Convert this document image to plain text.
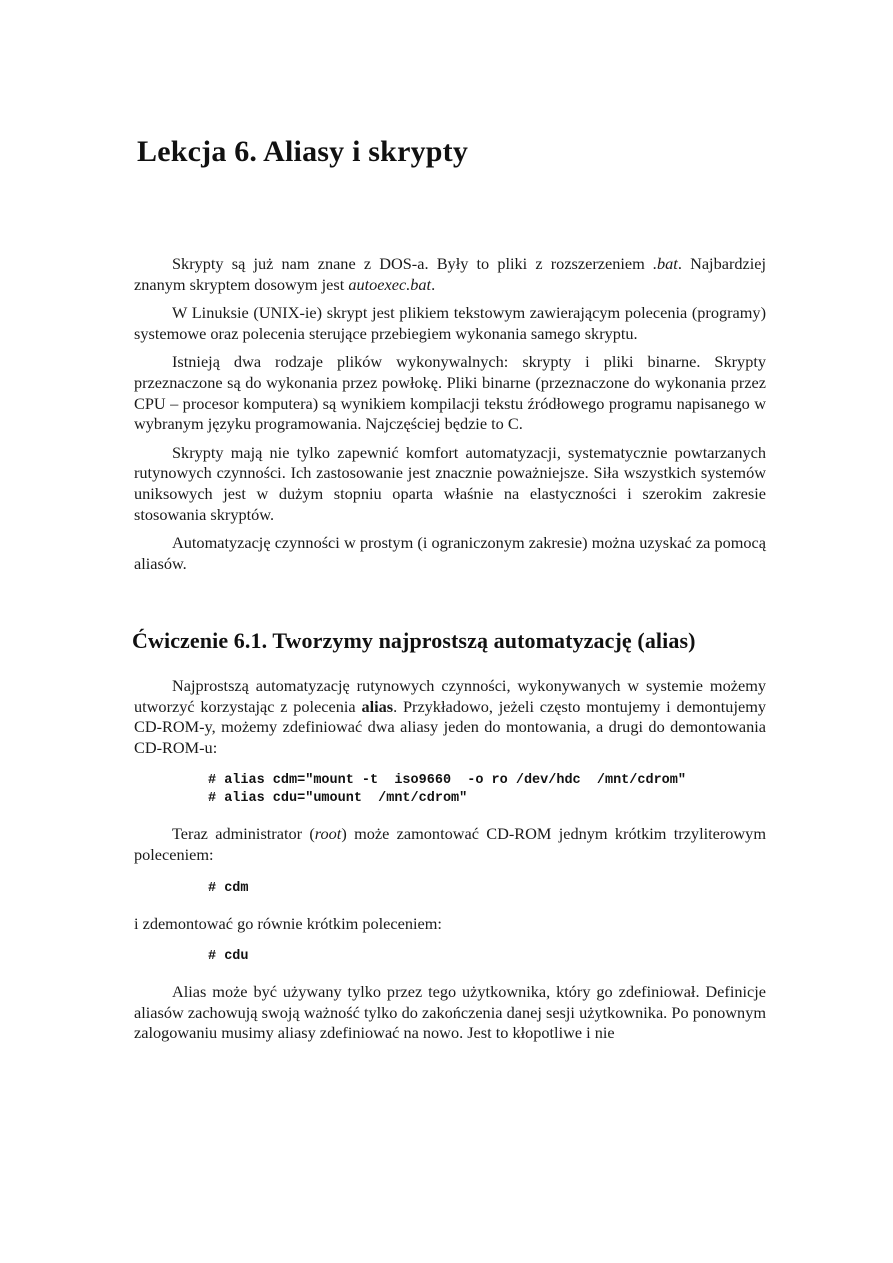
Lekcja 6. Aliasy i skrypty

Skrypty są już nam znane z DOS-a. Były to pliki z rozszerzeniem .bat. Najbardziej znanym skryptem dosowym jest autoexec.bat.

W Linuksie (UNIX-ie) skrypt jest plikiem tekstowym zawierającym polecenia (programy) systemowe oraz polecenia sterujące przebiegiem wykonania samego skryptu.

Istnieją dwa rodzaje plików wykonywalnych: skrypty i pliki binarne. Skrypty przeznaczone są do wykonania przez powłokę. Pliki binarne (przeznaczone do wykonania przez CPU – procesor komputera) są wynikiem kompilacji tekstu źródłowego programu napisanego w wybranym języku programowania. Najczęściej będzie to C.

Skrypty mają nie tylko zapewnić komfort automatyzacji, systematycznie powtarzanych rutynowych czynności. Ich zastosowanie jest znacznie poważniejsze. Siła wszystkich systemów uniksowych jest w dużym stopniu oparta właśnie na elastyczności i szerokim zakresie stosowania skryptów.

Automatyzację czynności w prostym (i ograniczonym zakresie) można uzyskać za pomocą aliasów.

Ćwiczenie 6.1. Tworzymy najprostszą automatyzację (alias)

Najprostszą automatyzację rutynowych czynności, wykonywanych w systemie możemy utworzyć korzystając z polecenia alias. Przykładowo, jeżeli często montujemy i demontujemy CD-ROM-y, możemy zdefiniować dwa aliasy jeden do montowania, a drugi do demontowania CD-ROM-u:

# alias cdm="mount -t  iso9660  -o ro /dev/hdc  /mnt/cdrom"

# alias cdu="umount  /mnt/cdrom"

Teraz administrator (root) może zamontować CD-ROM jednym krótkim trzyliterowym poleceniem:

# cdm

i zdemontować go równie krótkim poleceniem:

# cdu

Alias może być używany tylko przez tego użytkownika, który go zdefiniował. Definicje aliasów zachowują swoją ważność tylko do zakończenia danej sesji użytkownika. Po ponownym zalogowaniu musimy aliasy zdefiniować na nowo. Jest to kłopotliwe i nie
